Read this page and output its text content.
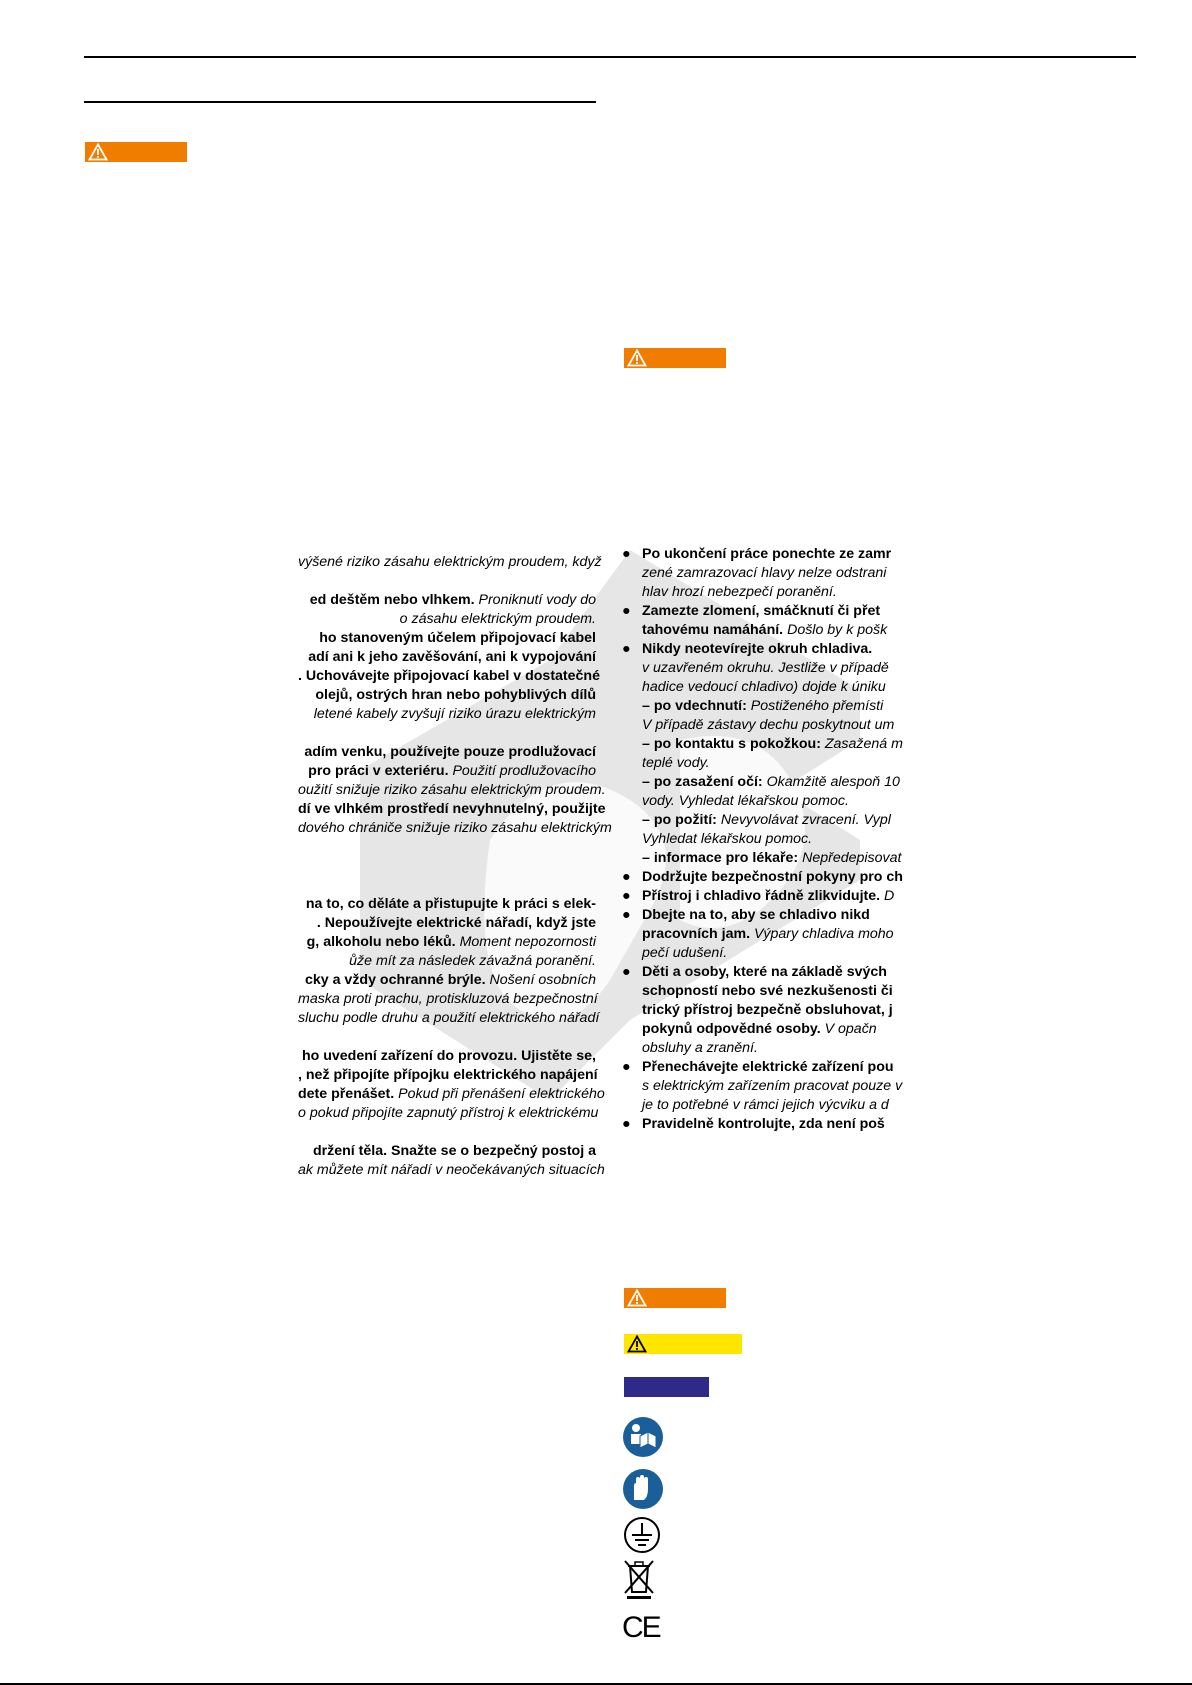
výšené riziko zásahu elektrickým proudem, když

ed deštěm nebo vlhkem. Proniknutí vody do

o zásahu elektrickým proudem.

ho stanoveným účelem připojovací kabel

adí ani k jeho zavěšování, ani k vypojování

. Uchovávejte připojovací kabel v dostatečné

olejů, ostrých hran nebo pohyblivých dílů

letené kabely zvyšují riziko úrazu elektrickým

adím venku, používejte pouze prodlužovací

pro práci v exteriéru. Použití prodlužovacího

oužití snižuje riziko zásahu elektrickým proudem.

dí ve vlhkém prostředí nevyhnutelný, použijte

dového chrániče snižuje riziko zásahu elektrickým

na to, co děláte a přistupujte k práci s elek-

. Nepoužívejte elektrické nářadí, když jste

g, alkoholu nebo léků. Moment nepozornosti

ůže mít za následek závažná poranění.

cky a vždy ochranné brýle. Nošení osobních

maska proti prachu, protiskluzová bezpečnostní

sluchu podle druhu a použití elektrického nářadí

ho uvedení zařízení do provozu. Ujistěte se,

, než připojíte přípojku elektrického napájení

dete přenášet. Pokud při přenášení elektrického

o pokud připojíte zapnutý přístroj k elektrickému

držení těla. Snažte se o bezpečný postoj a

ak můžete mít nářadí v neočekávaných situacích

● Po ukončení práce ponechte ze zamr

zené zamrazovací hlavy nelze odstrani

hlav hrozí nebezpečí poranění.

● Zamezte zlomení, smáčknutí či přet

tahovému namáhání. Došlo by k pošk

● Nikdy neotevírejte okruh chladiva.

v uzavřeném okruhu. Jestliže v případě

hadice vedoucí chladivo) dojde k úniku

– po vdechnutí: Postiženého přemísti

V případě zástavy dechu poskytnout um

– po kontaktu s pokožkou: Zasažená m

teplé vody.

– po zasažení očí: Okamžitě alespoň 10

vody. Vyhledat lékařskou pomoc.

– po požití: Nevyvolávat zvracení. Vypl

Vyhledat lékařskou pomoc.

– informace pro lékaře: Nepředepisovat

● Dodržujte bezpečnostní pokyny pro ch

● Přístroj i chladivo řádně zlikvidujte. D

● Dbejte na to, aby se chladivo nikd

pracovních jam. Výpary chladiva moho

pečí udušení.

● Děti a osoby, které na základě svých

schopností nebo své nezkušenosti či

trický přístroj bezpečně obsluhovat, j

pokynů odpovědné osoby. V opačn

obsluhy a zranění.

● Přenechávejte elektrické zařízení pou

s elektrickým zařízením pracovat pouze v

je to potřebné v rámci jejich výcviku a d

● Pravidelně kontrolujte, zda není poš

CE
